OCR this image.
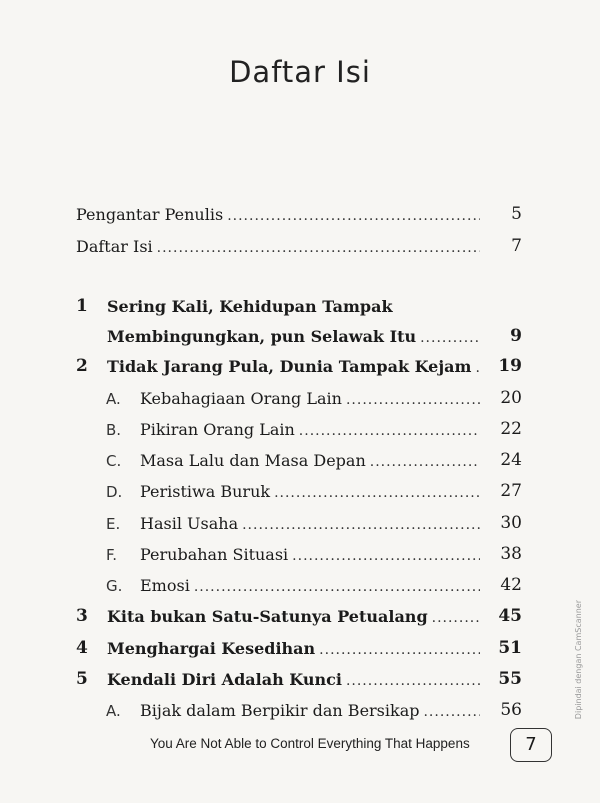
Daftar Isi
Pengantar Penulis .....	5
Daftar Isi .....	7
1	Sering Kali, Kehidupan Tampak
Membingungkan, pun Selawak Itu .....	9
2	Tidak Jarang Pula, Dunia Tampak Kejam .....	19
A. Kebahagiaan Orang Lain .....	20
B. Pikiran Orang Lain .....	22
C. Masa Lalu dan Masa Depan .....	24
D. Peristiwa Buruk .....	27
E. Hasil Usaha .....	30
F. Perubahan Situasi .....	38
G. Emosi .....	42
3	Kita bukan Satu-Satunya Petualang .....	45
4	Menghargai Kesedihan .....	51
5	Kendali Diri Adalah Kunci .....	55
A. Bijak dalam Berpikir dan Bersikap .....	56
You Are Not Able to Control Everything That Happens	7
Dipindai dengan CamScanner
